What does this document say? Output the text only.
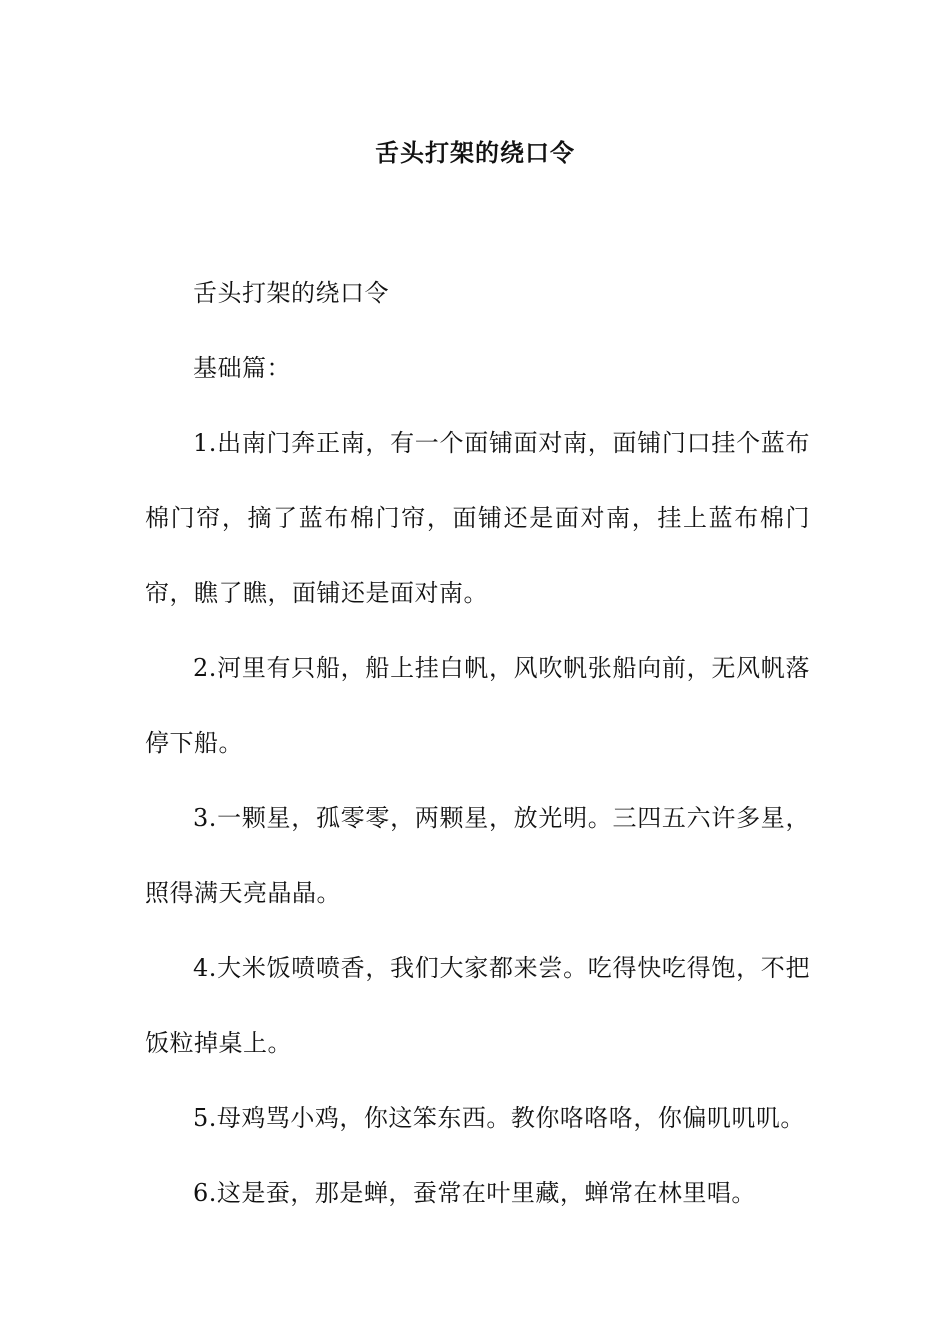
舌头打架的绕口令

舌头打架的绕口令

基础篇：

1.出南门奔正南，有一个面铺面对南，面铺门口挂个蓝布棉门帘，摘了蓝布棉门帘，面铺还是面对南，挂上蓝布棉门帘，瞧了瞧，面铺还是面对南。

2.河里有只船，船上挂白帆，风吹帆张船向前，无风帆落停下船。

3.一颗星，孤零零，两颗星，放光明。三四五六许多星，照得满天亮晶晶。

4.大米饭喷喷香，我们大家都来尝。吃得快吃得饱，不把饭粒掉桌上。

5.母鸡骂小鸡，你这笨东西。教你咯咯咯，你偏叽叽叽。

6.这是蚕，那是蝉，蚕常在叶里藏，蝉常在林里唱。
